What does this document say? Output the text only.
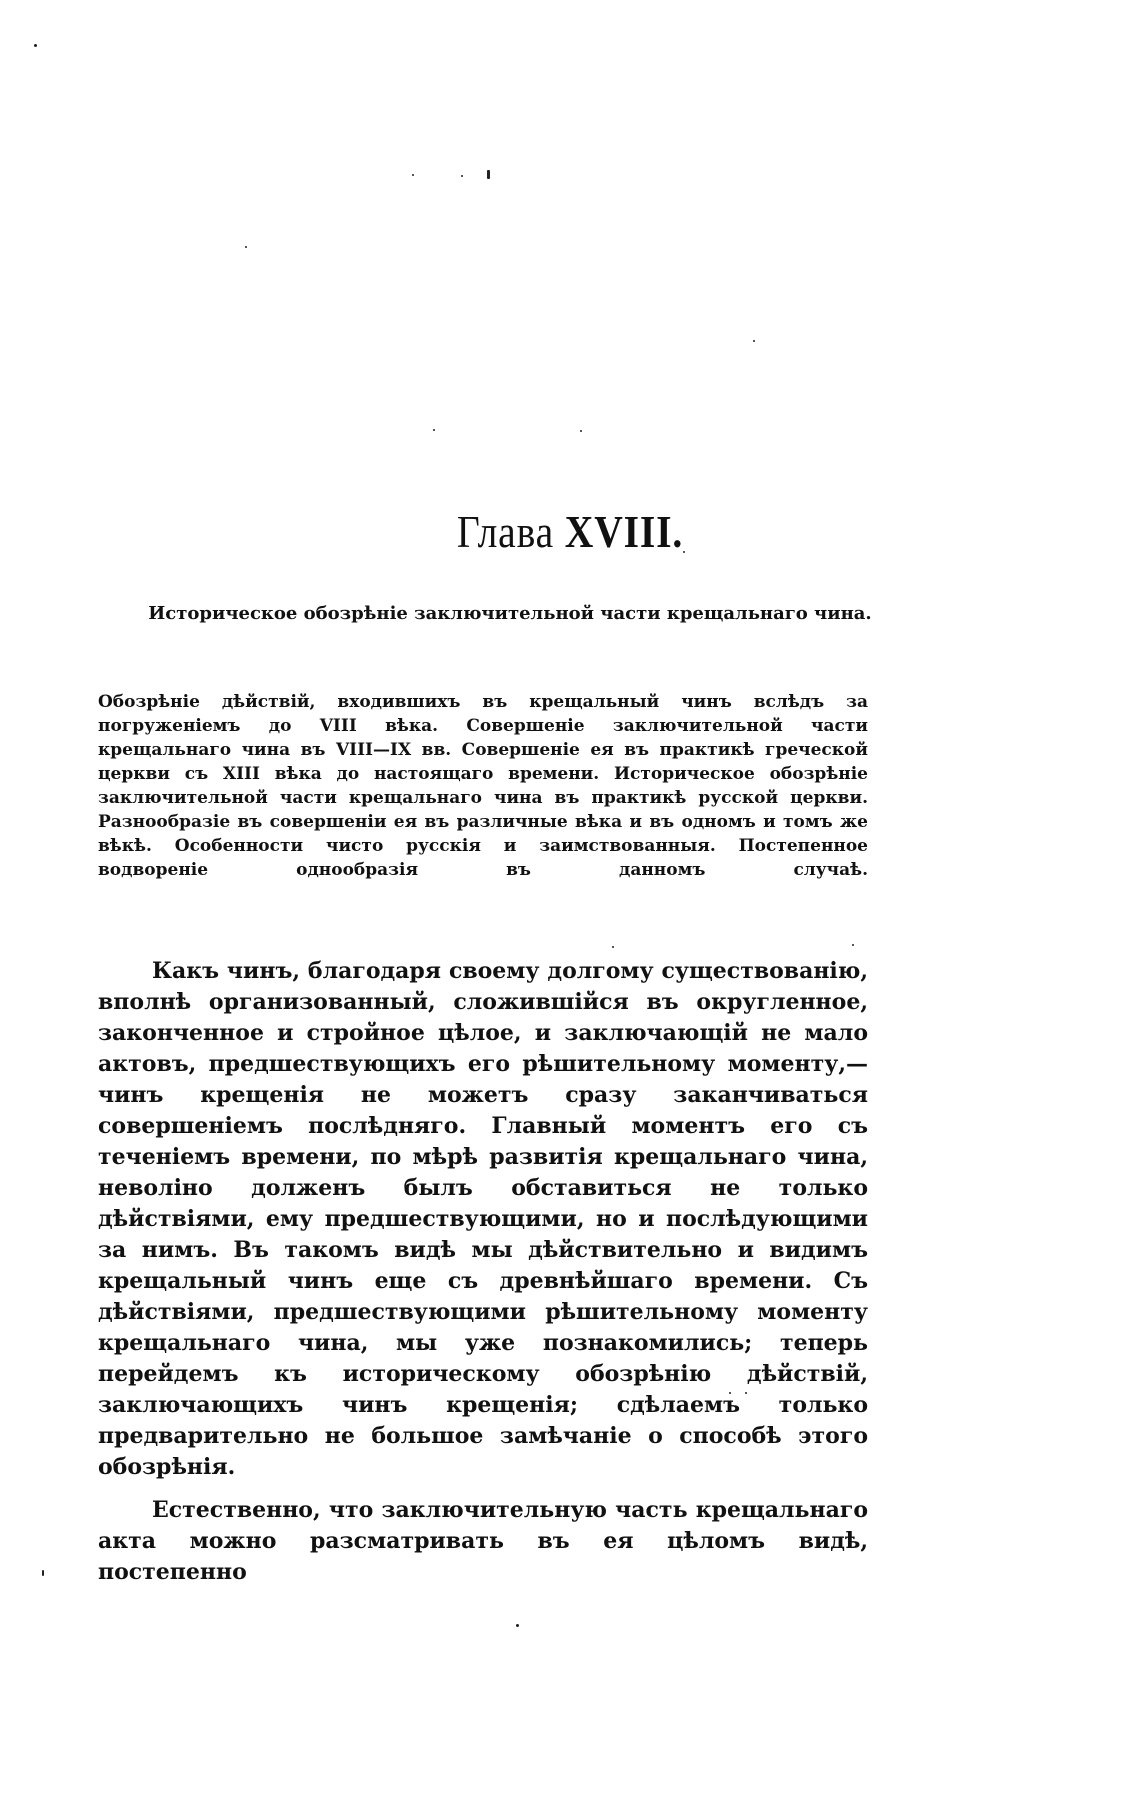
Глава XVIII.
Историческое обозрѣніе заключительной части крещальнаго чина.
Обозрѣніе дѣйствій, входившихъ въ крещальный чинъ вслѣдъ за погруженіемъ до VIII вѣка. Совершеніе заключительной части крещальнаго чина въ VIII—IX вв. Совершеніе ея въ практикѣ греческой церкви съ XIII вѣка до настоящаго времени. Историческое обозрѣніе заключительной части крещальнаго чина въ практикѣ русской церкви. Разнообразіе въ совершеніи ея въ различные вѣка и въ одномъ и томъ же вѣкѣ. Особенности чисто русскія и заимствованныя. Постепенное водвореніе однообразія въ данномъ случаѣ.

Какъ чинъ, благодаря своему долгому существованію, вполнѣ организованный, сложившійся въ округленное, законченное и стройное цѣлое, и заключающій не мало актовъ, предшествующихъ его рѣшительному моменту,—чинъ крещенія не можетъ сразу заканчиваться совершеніемъ послѣдняго. Главный моментъ его съ теченіемъ времени, по мѣрѣ развитія крещальнаго чина, неволіно долженъ былъ обставиться не только дѣйствіями, ему предшествующими, но и послѣдующими за нимъ. Въ такомъ видѣ мы дѣйствительно и видимъ крещальный чинъ еще съ древнѣйшаго времени. Съ дѣйствіями, предшествующими рѣшительному моменту крещальнаго чина, мы уже познакомились; теперь перейдемъ къ историческому обозрѣнію дѣйствій, заключающихъ чинъ крещенія; сдѣлаемъ только предварительно не большое замѣчаніе о способѣ этого обозрѣнія.

Естественно, что заключительную часть крещальнаго акта можно разсматривать въ ея цѣломъ видѣ, постепенно
